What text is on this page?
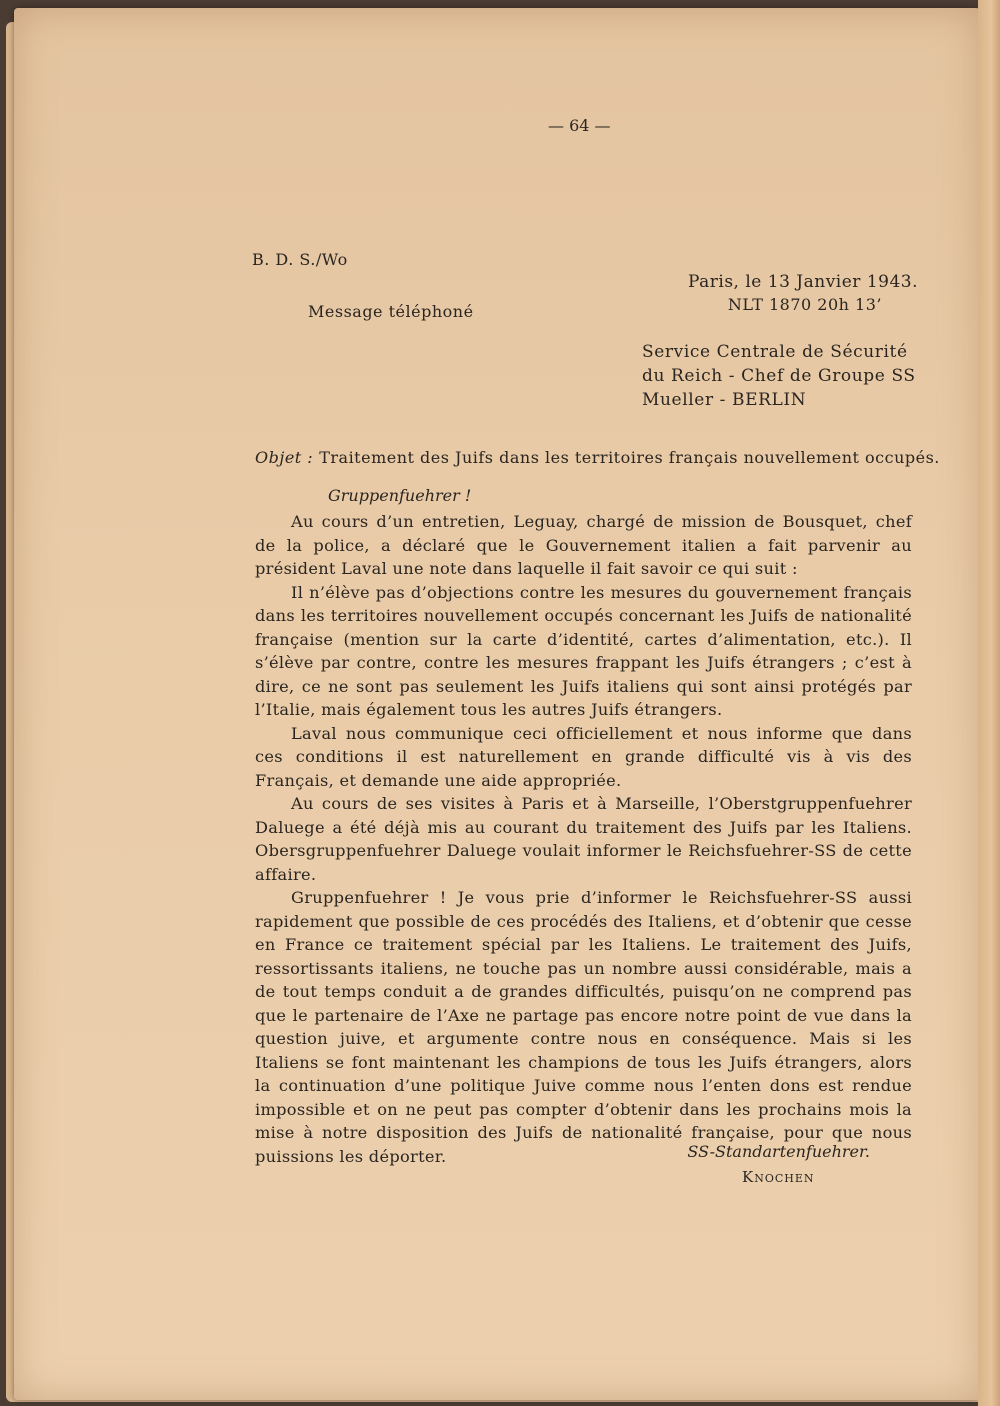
— 64 —
B. D. S./Wo
Message téléphoné
Paris, le 13 Janvier 1943.
NLT 1870 20h 13’
Service Centrale de Sécurité
du Reich - Chef de Groupe SS
Mueller - BERLIN
Objet : Traitement des Juifs dans les territoires français nouvellement occupés.
Gruppenfuehrer !

Au cours d’un entretien, Leguay, chargé de mission de Bousquet, chef de la police, a déclaré que le Gouvernement italien a fait parvenir au président Laval une note dans laquelle il fait savoir ce qui suit :

Il n’élève pas d’objections contre les mesures du gouvernement français dans les territoires nouvellement occupés concernant les Juifs de nationalité française (mention sur la carte d’identité, cartes d’alimentation, etc.). Il s’élève par contre, contre les mesures frappant les Juifs étrangers ; c’est à dire, ce ne sont pas seulement les Juifs italiens qui sont ainsi protégés par l’Italie, mais également tous les autres Juifs étrangers.

Laval nous communique ceci officiellement et nous informe que dans ces conditions il est naturellement en grande difficulté vis à vis des Français, et demande une aide appropriée.

Au cours de ses visites à Paris et à Marseille, l’Oberstgruppenfuehrer Daluege a été déjà mis au courant du traitement des Juifs par les Italiens. Obersgruppenfuehrer Daluege voulait informer le Reichsfuehrer-SS de cette affaire.

Gruppenfuehrer ! Je vous prie d’informer le Reichsfuehrer-SS aussi rapidement que possible de ces procédés des Italiens, et d’obtenir que cesse en France ce traitement spécial par les Italiens. Le traitement des Juifs, ressortissants italiens, ne touche pas un nombre aussi considérable, mais a de tout temps conduit a de grandes difficultés, puisqu’on ne comprend pas que le partenaire de l’Axe ne partage pas encore notre point de vue dans la question juive, et argumente contre nous en conséquence. Mais si les Italiens se font maintenant les champions de tous les Juifs étrangers, alors la continuation d’une politique Juive comme nous l’enten dons est rendue impossible et on ne peut pas compter d’obtenir dans les prochains mois la mise à notre disposition des Juifs de nationalité française, pour que nous puissions les déporter.	SS-Standartenfuehrer.
Knochen
